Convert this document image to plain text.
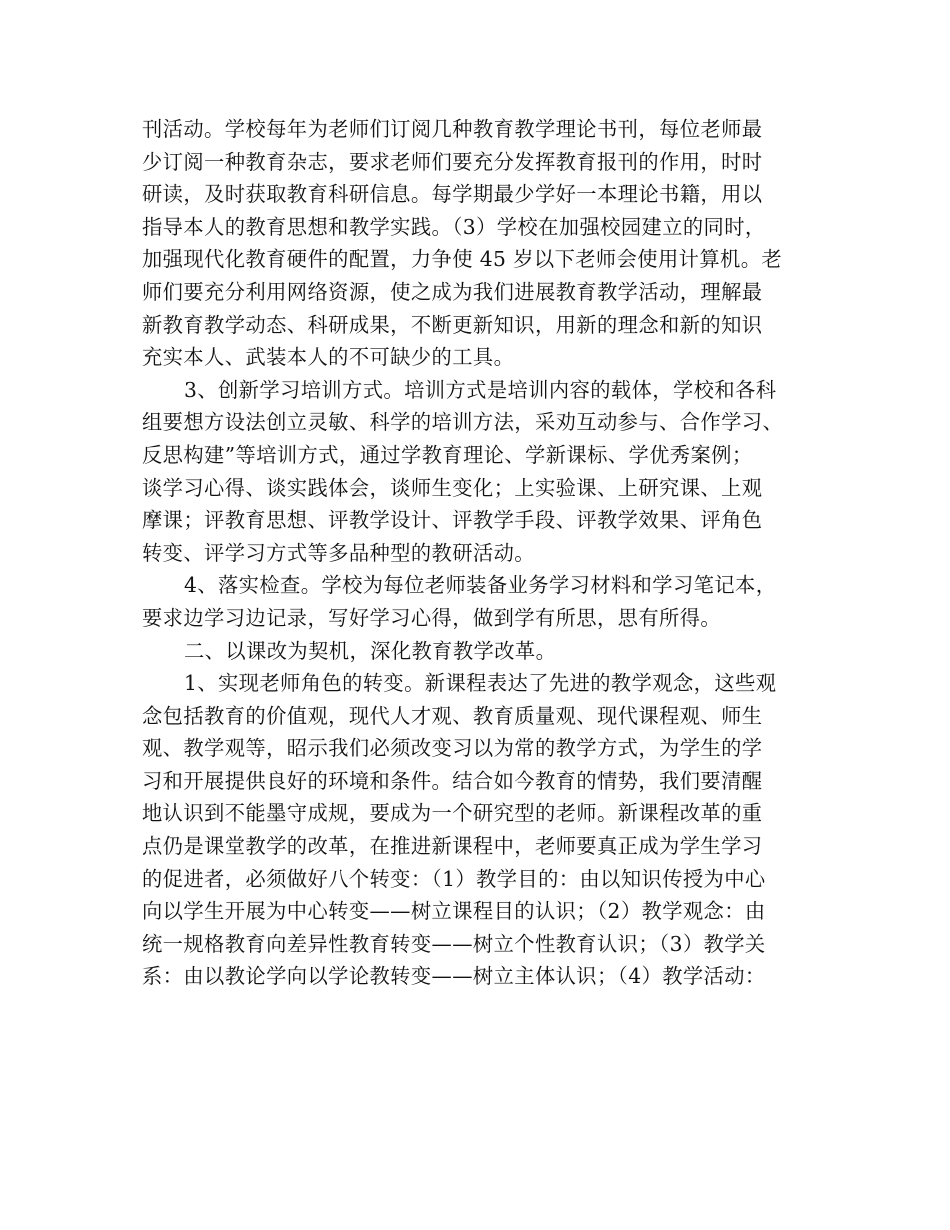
刊活动。学校每年为老师们订阅几种教育教学理论书刊，每位老师最
少订阅一种教育杂志，要求老师们要充分发挥教育报刊的作用，时时
研读，及时获取教育科研信息。每学期最少学好一本理论书籍，用以
指导本人的教育思想和教学实践。（3）学校在加强校园建立的同时，
加强现代化教育硬件的配置，力争使 45 岁以下老师会使用计算机。老
师们要充分利用网络资源，使之成为我们进展教育教学活动，理解最
新教育教学动态、科研成果，不断更新知识，用新的理念和新的知识
充实本人、武装本人的不可缺少的工具。
3、创新学习培训方式。培训方式是培训内容的载体，学校和各科
组要想方设法创立灵敏、科学的培训方法，采劝互动参与、合作学习、
反思构建”等培训方式，通过学教育理论、学新课标、学优秀案例；
谈学习心得、谈实践体会，谈师生变化；上实验课、上研究课、上观
摩课；评教育思想、评教学设计、评教学手段、评教学效果、评角色
转变、评学习方式等多品种型的教研活动。
4、落实检查。学校为每位老师装备业务学习材料和学习笔记本，
要求边学习边记录，写好学习心得，做到学有所思，思有所得。
二、以课改为契机，深化教育教学改革。
1、实现老师角色的转变。新课程表达了先进的教学观念，这些观
念包括教育的价值观，现代人才观、教育质量观、现代课程观、师生
观、教学观等，昭示我们必须改变习以为常的教学方式，为学生的学
习和开展提供良好的环境和条件。结合如今教育的情势，我们要清醒
地认识到不能墨守成规，要成为一个研究型的老师。新课程改革的重
点仍是课堂教学的改革，在推进新课程中，老师要真正成为学生学习
的促进者，必须做好八个转变：（1）教学目的：由以知识传授为中心
向以学生开展为中心转变——树立课程目的认识；（2）教学观念：由
统一规格教育向差异性教育转变——树立个性教育认识；（3）教学关
系：由以教论学向以学论教转变——树立主体认识；（4）教学活动：
